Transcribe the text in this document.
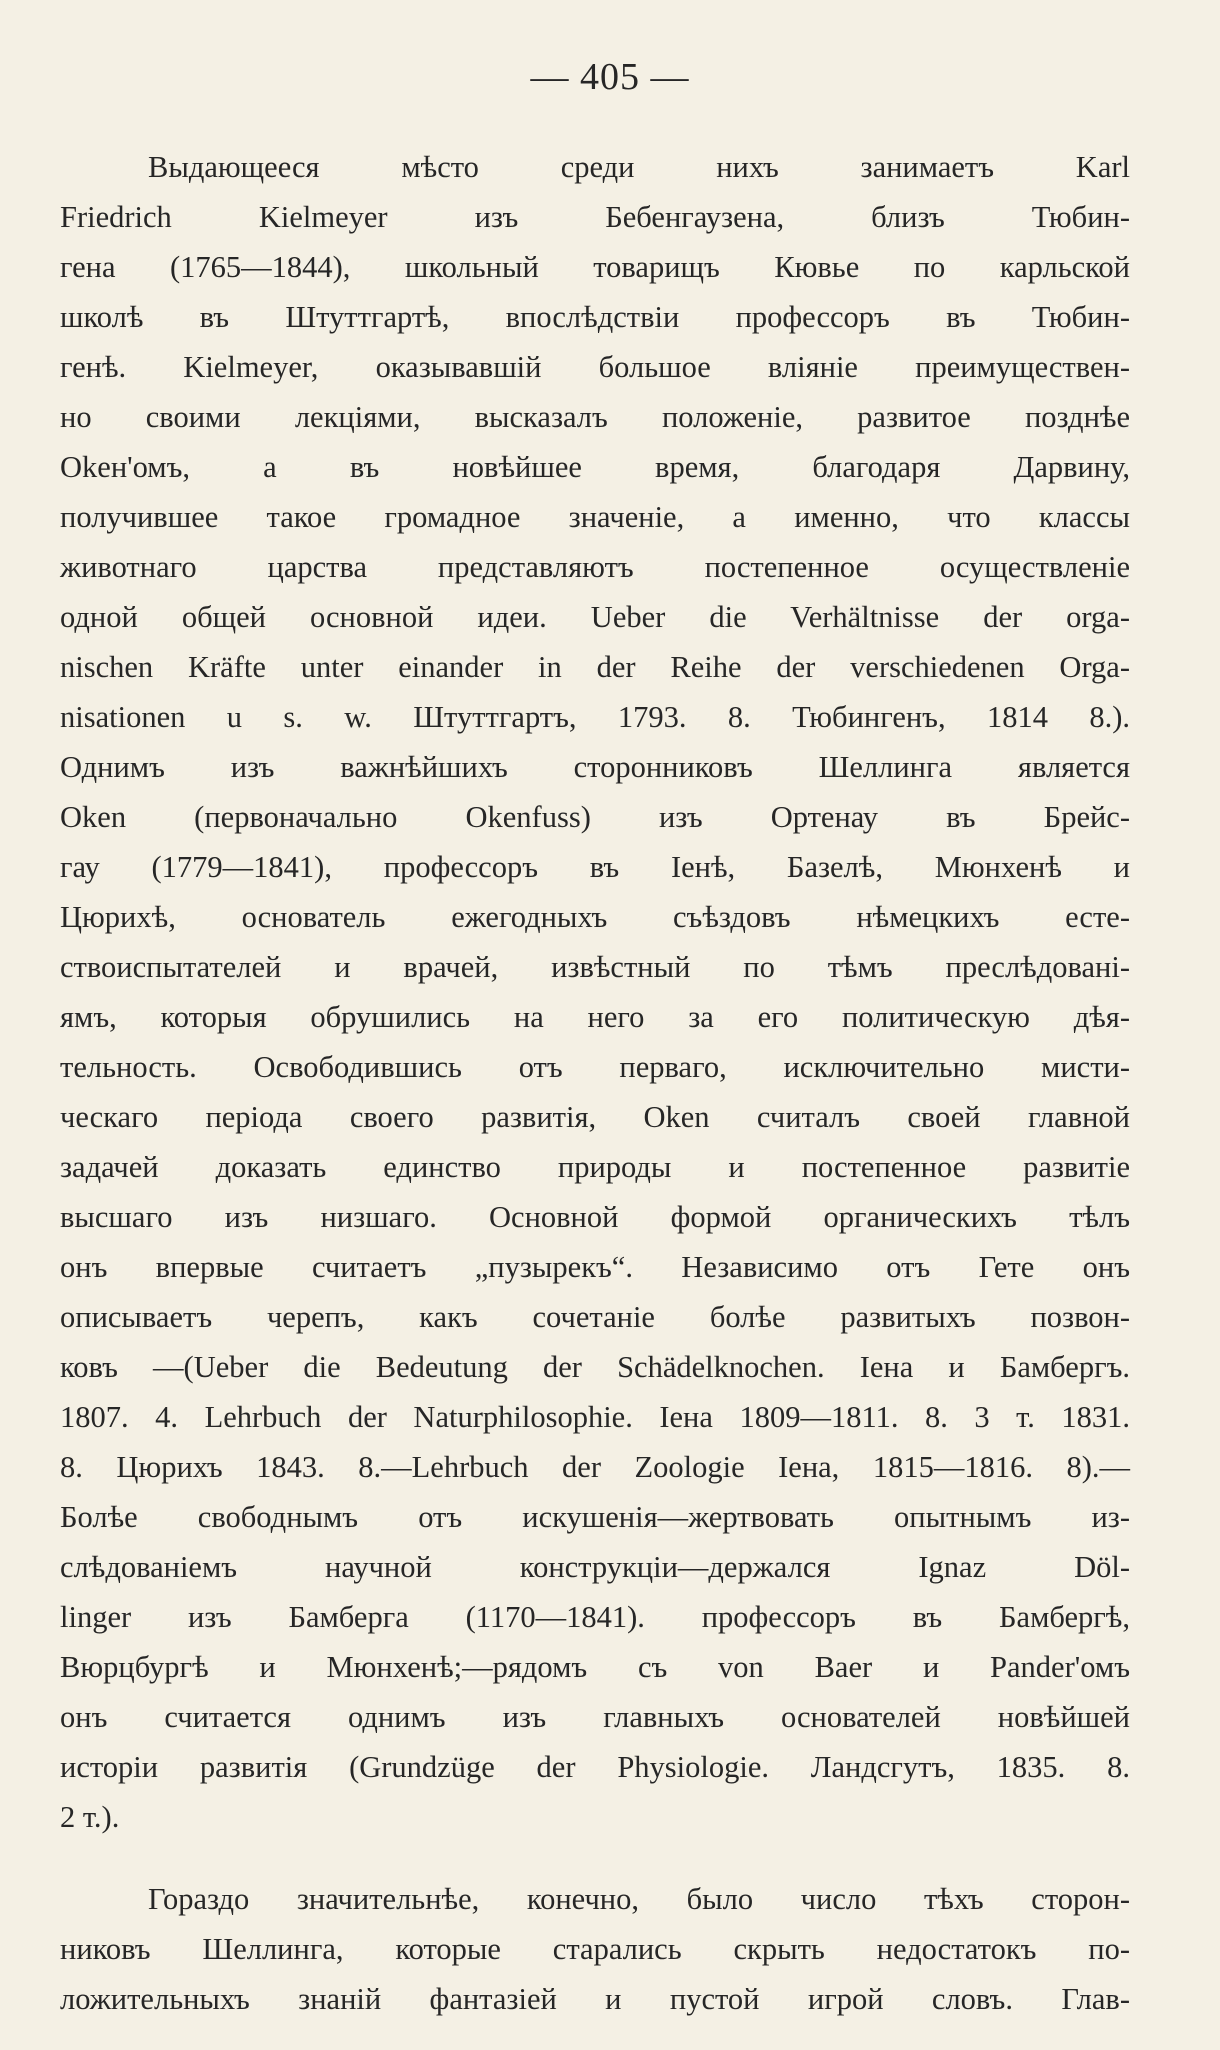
— 405 —
Выдающееся мѣсто среди нихъ занимаетъ Karl
Friedrich Kielmeyer изъ Бебенгаузена, близъ Тюбин-
гена (1765—1844), школьный товарищъ Кювье по карльской
школѣ въ Штуттгартѣ, впослѣдствіи профессоръ въ Тюбин-
генѣ. Kielmeyer, оказывавшій большое вліяніе преимуществен-
но своими лекціями, высказалъ положеніе, развитое позднѣе
Okeн'омъ, а въ новѣйшее время, благодаря Дарвину,
получившее такое громадное значеніе, а именно, что классы
животнаго царства представляютъ постепенное осуществленіе
одной общей основной идеи. Ueber die Verhältnisse der orga-
nischen Kräfte unter einander in der Reihe der verschiedenen Orga-
nisationen u s. w. Штуттгартъ, 1793. 8. Тюбингенъ, 1814 8.).
Однимъ изъ важнѣйшихъ сторонниковъ Шеллинга является
Oken (первоначально Okenfuss) изъ Ортенау въ Брейс-
гау (1779—1841), профессоръ въ Іенѣ, Базелѣ, Мюнхенѣ и
Цюрихѣ, основатель ежегодныхъ съѣздовъ нѣмецкихъ есте-
ствоиспытателей и врачей, извѣстный по тѣмъ преслѣдованi-
ямъ, которыя обрушились на него за его политическую дѣя-
тельность. Освободившись отъ перваго, исключительно мисти-
ческаго періода своего развитія, Oken считалъ своей главной
задачей доказать единство природы и постепенное развитіе
высшаго изъ низшаго. Основной формой органическихъ тѣлъ
онъ впервые считаетъ „пузырекъ“. Независимо отъ Гете онъ
описываетъ черепъ, какъ сочетаніе болѣе развитыхъ позвон-
ковъ —(Ueber die Bedeutung der Schädelknochen. Іена и Бамбергъ.
1807. 4. Lehrbuch der Naturphilosophie. Іена 1809—1811. 8. 3 т. 1831.
8. Цюрихъ 1843. 8.—Lehrbuch der Zoologie Іена, 1815—1816. 8).—
Болѣе свободнымъ отъ искушенія—жертвовать опытнымъ из-
слѣдованіемъ научной конструкціи—держался Ignaz Döl-
linger изъ Бамберга (1170—1841). профессоръ въ Бамбергѣ,
Вюрцбургѣ и Мюнхенѣ;—рядомъ съ von Baer и Pander'омъ
онъ считается однимъ изъ главныхъ основателей новѣйшей
исторіи развитія (Grundzüge der Physiologie. Ландсгутъ, 1835. 8.
2 т.).
Гораздо значительнѣе, конечно, было число тѣхъ сторон-
никовъ Шеллинга, которые старались скрыть недостатокъ по-
ложительныхъ знаній фантазіей и пустой игрой словъ. Глав-
